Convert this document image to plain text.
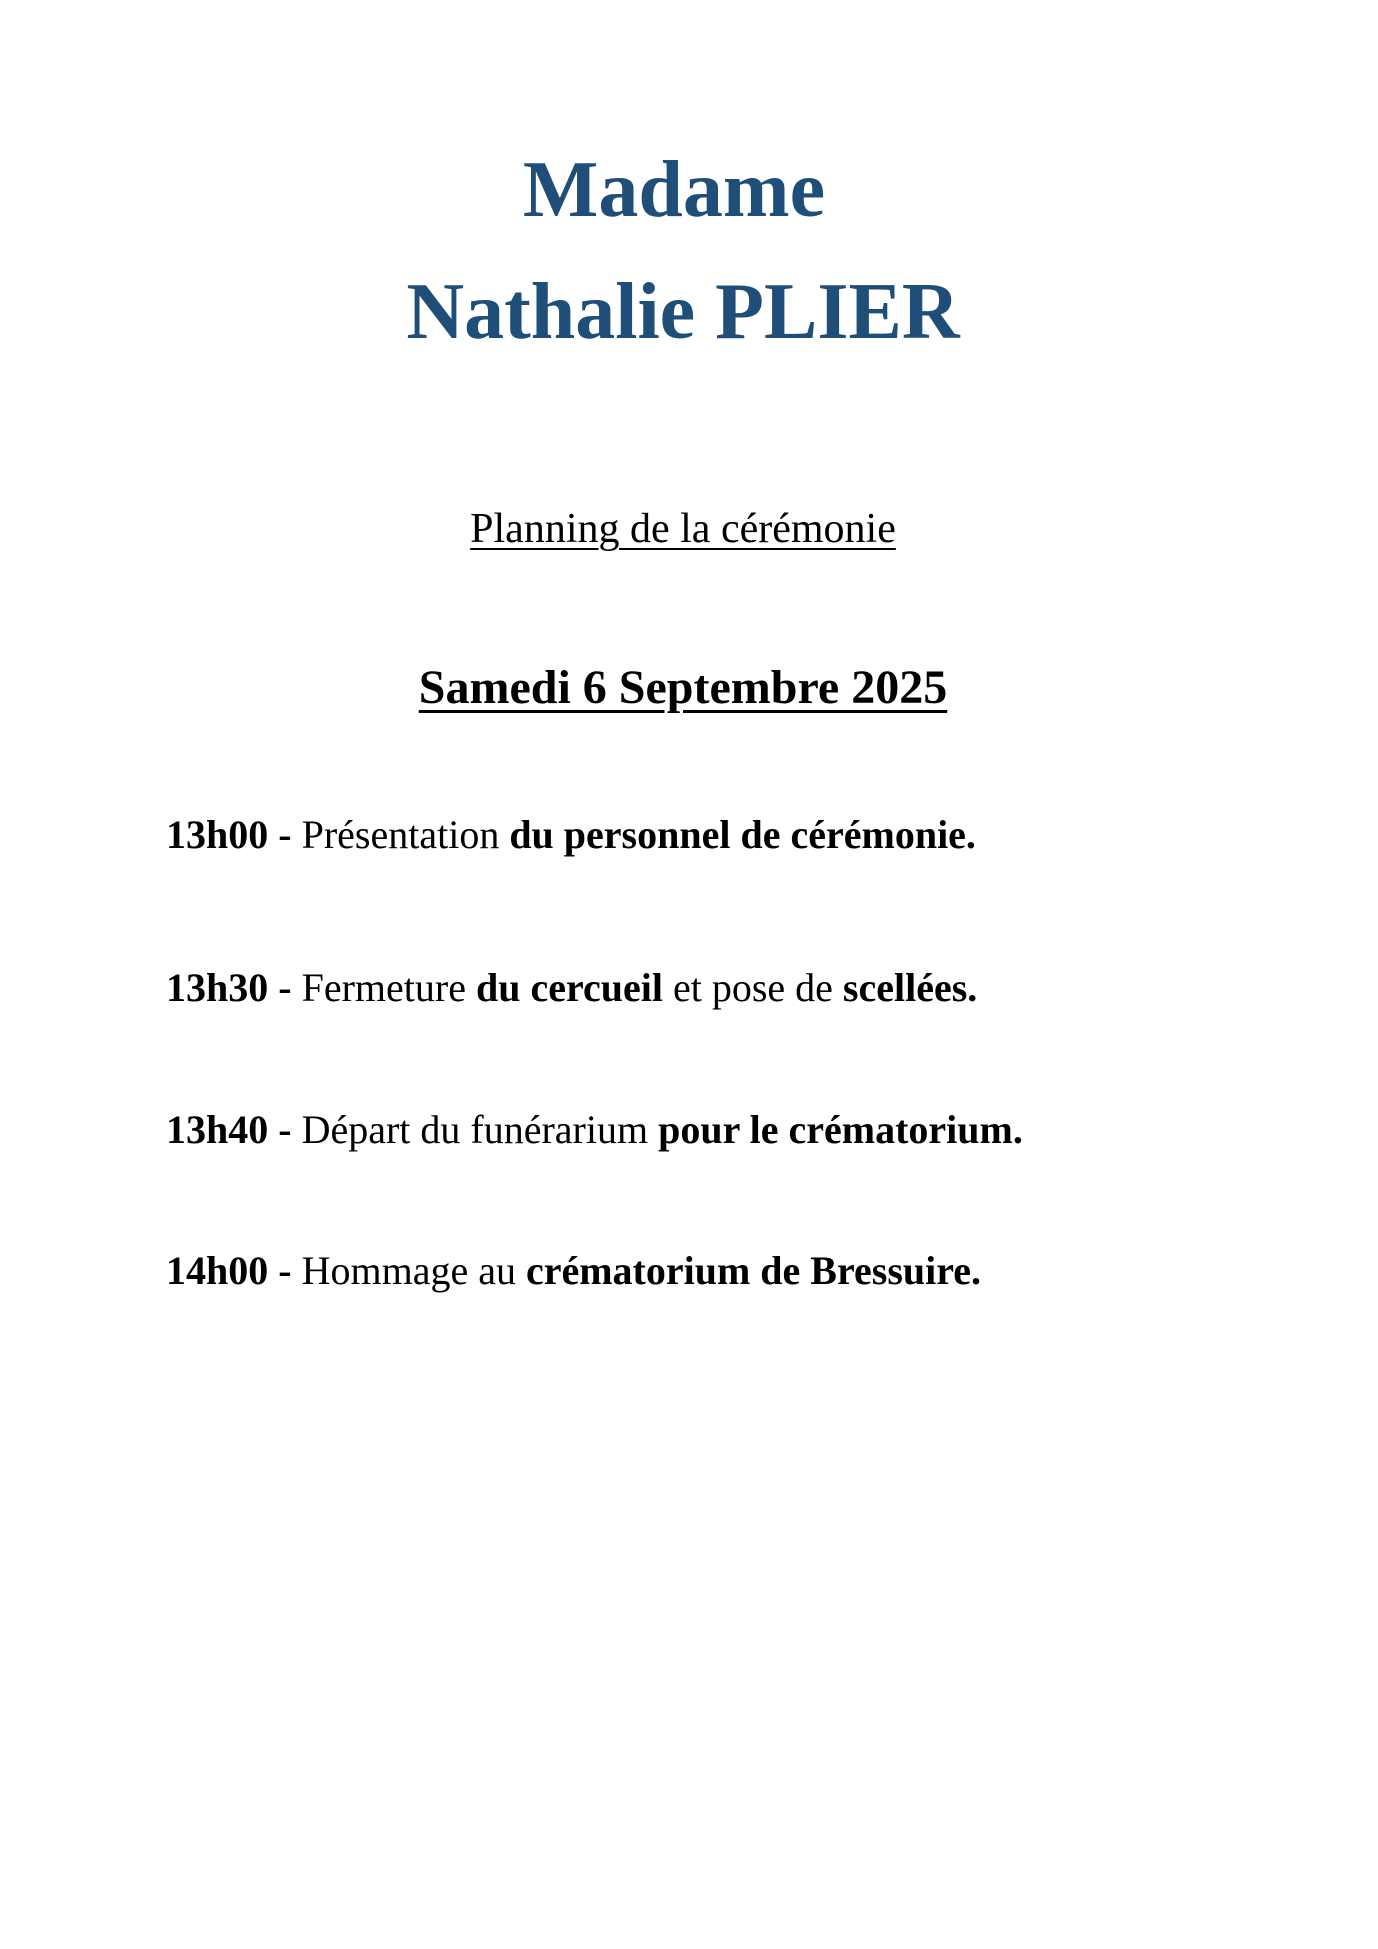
Madame
Nathalie PLIER
Planning de la cérémonie
Samedi 6 Septembre 2025
13h00 - Présentation du personnel de cérémonie.
13h30 - Fermeture du cercueil et pose de scellées.
13h40 - Départ du funérarium pour le crématorium.
14h00 - Hommage au crématorium de Bressuire.
